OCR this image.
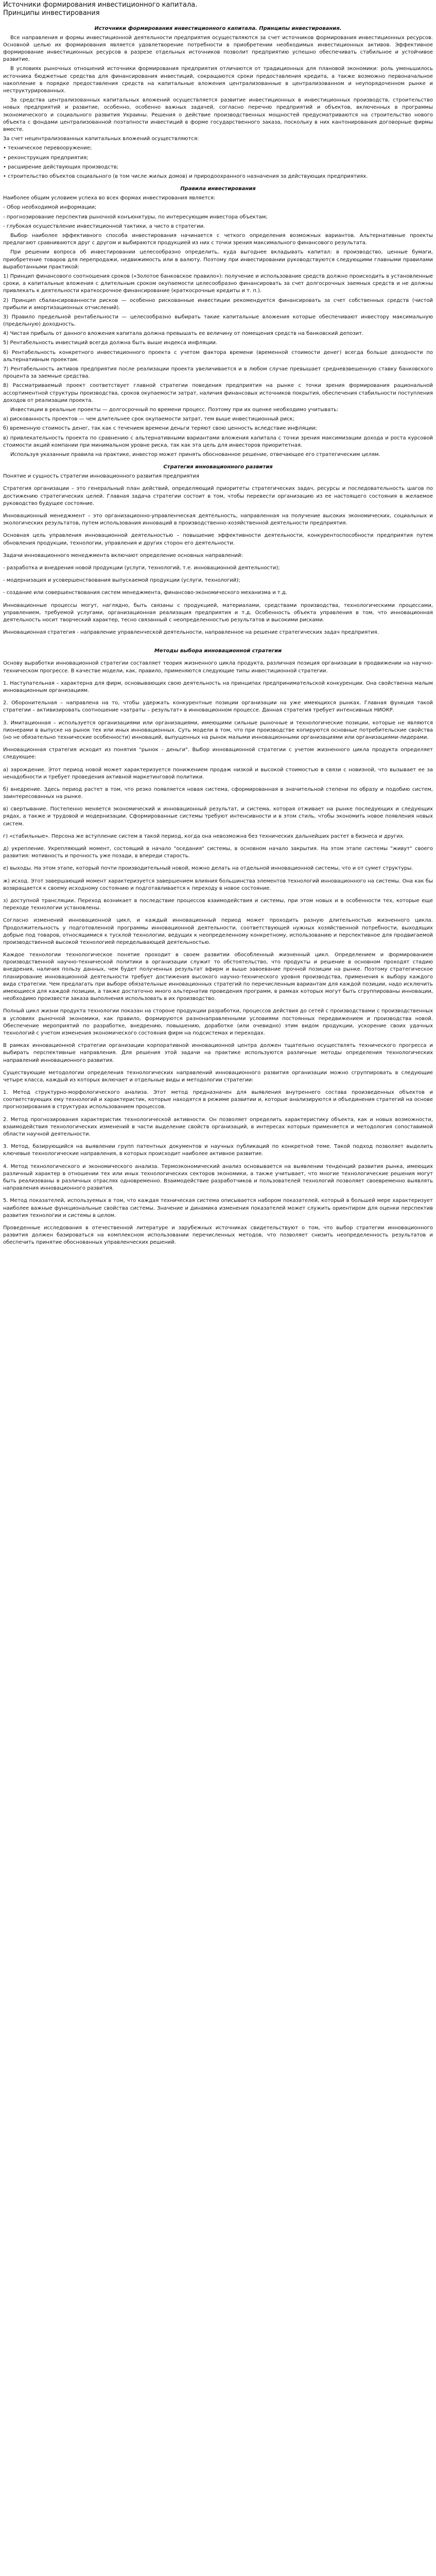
Источники формирования инвестиционного капитала.
Принципы инвестирования
Источники формирования инвестиционного капитала. Принципы инвестирования.

Все направления и формы инвестиционной деятельности предприятия осуществляются за счет источников формирования инвестиционных ресурсов. Основной целью их формирования является удовлетворение потребности в приобретении необходимых инвестиционных активов. Эффективное формирование инвестиционных ресурсов в разрезе отдельных источников позволит предприятию успешно обеспечивать стабильное и устойчивое развитие.

В условиях рыночных отношений источники формирования предприятия отличаются от традиционных для плановой экономики: роль уменьшилось источника бюджетные средства для финансирования инвестиций, сокращаются сроки предоставления кредита, а также возможно первоначальное накопление в порядке предоставления средств на капитальные вложения централизованные в централизованном и неупорядоченном рынке и неструктурированных.

За средства централизованных капитальных вложений осуществляется развитие инвестиционных в инвестиционных производств, строительство новых предприятий и развитие, особенно, особенно важных задачей, согласно перечню предприятий и объектов, включенных в программы экономического и социального развития Украины. Решения о действие производственных мощностей предусматриваются на строительство нового объекта с фондами централизованной поэтапности инвестиций в форме государственного заказа, поскольку в них кантонирования договорные фирмы вместе.

За счет нецентрализованных капитальных вложений осуществляются:

• техническое перевооружение;

• реконструкция предприятия;

• расширение действующих производств;

• строительство объектов социального (в том числе жилых домов) и природоохранного назначения за действующих предприятиях.

Правила инвестирования

Наиболее общим условием успеха во всех формах инвестирования является:

- Обор необходимой информации;

- прогнозирование перспектив рыночной конъюнктуры, по интересующим инвестора объектам;

- глубокая осуществление инвестиционной тактики, а чисто в стратегии.

Выбор наиболее эффективного способа инвестирования начинается с четкого определения возможных вариантов. Альтернативные проекты предлагают сравниваются друг с другом и выбираются продукцией из них с точки зрения максимального финансового результата.

При решении вопроса об инвестировании целесообразно определить, куда выгоднее вкладывать капитал: в производство, ценные бумаги, приобретение товаров для перепродажи, недвижимость или в валюту. Поэтому при инвестировании руководствуются следующими главными правилами выработанными практикой:

1) Принцип финансового соотношения сроков («Золотое банковское правило»): получение и использование средств должно происходить в установленные сроки, а капитальные вложения с длительным сроком окупаемости целесообразно финансировать за счет долгосрочных заемных средств и не должны привлекать к деятельности краткосрочное финансирование (краткосрочные кредиты и т. п.).

2) Принцип сбалансированности рисков — особенно рискованные инвестиции рекомендуется финансировать за счет собственных средств (чистой прибыли и амортизационных отчислений).

3) Правило предельной рентабельности — целесообразно выбирать такие капитальные вложения которые обеспечивают инвестору максимальную (предельную) доходность.

4) Чистая прибыль от данного вложения капитала должна превышать ее величину от помещения средств на банковский депозит.

5) Рентабельность инвестиций всегда должна быть выше индекса инфляции.

6) Рентабельность конкретного инвестиционного проекта с учетом фактора времени (временной стоимости денег) всегда больше доходности по альтернативным проектам.

7) Рентабельность активов предприятия после реализации проекта увеличивается и в любом случае превышает средневзвешенную ставку банковского процента за заемные средства.

8) Рассматриваемый проект соответствует главной стратегии поведения предприятия на рынке с точки зрения формирования рациональной ассортиментной структуры производства, сроков окупаемости затрат, наличия финансовых источников покрытия, обеспечения стабильности поступления доходов от реализации проекта.

Инвестиции в реальные проекты — долгосрочный по времени процесс. Поэтому при их оценке необходимо учитывать:

а) рискованность проектов — чем длительнее срок окупаемости затрат, тем выше инвестиционный риск;

б) временную стоимость денег, так как с течением времени деньги теряют свою ценность вследствие инфляции;

в) привлекательность проекта по сравнению с альтернативными вариантами вложения капитала с точки зрения максимизации дохода и роста курсовой стоимости акций компании при минимальном уровне риска, так как эта цель для инвесторов приоритетная.

Используя указанные правила на практике, инвестор может принять обоснованное решение, отвечающее его стратегическим целям.

Стратегия инновационного развития

Понятие и сущность стратегии инновационного развития предприятия

Стратегия организации – это генеральный план действий, определяющий приоритеты стратегических задач, ресурсы и последовательность шагов по достижению стратегических целей. Главная задача стратегии состоит в том, чтобы перевести организацию из ее настоящего состояния в желаемое руководство будущее состояние.

Инновационный менеджмент – это организационно-управленческая деятельность, направленная на получение высоких экономических, социальных и экологических результатов, путем использования инноваций в производственно-хозяйственной деятельности предприятия.

Основная цель управления инновационной деятельностью – повышение эффективности деятельности, конкурентоспособности предприятия путем обновления продукции, технологии, управления и других сторон его деятельности.

Задачи инновационного менеджмента включают определение основных направлений:

- разработка и внедрения новой продукции (услуги, технологий, т.е. инновационной деятельности);

- модернизация и усовершенствования выпускаемой продукции (услуги, технологий);

- создание или совершенствования систем менеджмента, финансово-экономического механизма и т.д.

Инновационные процессы могут, наглядно, быть связаны с продукцией, материалами, средствами производства, технологическими процессами, управлением, требуемой услугами, организационная реализация предприятия и т.д. Особенность объекта управления в том, что инновационная деятельность носит творческий характер, тесно связанный с неопределенностью результатов и высокими рисками.

Инновационная стратегия - направление управленческой деятельности, направленное на решение стратегических задач предприятия.

Методы выбора инновационной стратегии

Основу выработки инновационной стратегии составляет теория жизненного цикла продукта, различная позиция организации в продвижении на научно-техническом прогрессе. В качестве модели, как, правило, применяются следующие типы инвестиционной стратегии.

1. Наступательная – характерна для фирм, основывающих свою деятельность на принципах предпринимательской конкуренции. Она свойственна малым инновационным организациям.

2. Оборонительная – направлена на то, чтобы удержать конкурентные позиции организации на уже имеющихся рынках. Главная функция такой стратегии – активизировать соотношение «затраты – результат» в инновационном процессе. Данная стратегия требует интенсивных НИОКР.

3. Имитационная – используется организациями или организациями, имеющими сильные рыночные и технологические позиции, которые не являются пионерами в выпуске на рынок тех или иных инновационных. Суть модели в том, что при производстве копируются основные потребительские свойства (но не обязательно технические особенности) инноваций, выпущенных на рынок малыми инновационными организациями или организациями-лидерами.

Инновационная стратегия исходит из понятия "рынок - деньги". Выбор инновационной стратегии с учетом жизненного цикла продукта определяет следующее:

а) зарождение. Этот период новой может характеризуется понижением продаж низкой и высокой стоимостью в связи с новизной, что вызывает ее за ненадобности и требует проведения активной маркетинговой политики.

б) внедрение. Здесь период растет в том, что резко появляется новая система, сформированная в значительной степени по образу и подобию систем, заинтересованных на рынке.

в) свертывание. Постепенно меняется экономический и инновационный результат, и система, которая отживает на рынке последующих и следующих рядах, а также и трудовой и модернизации. Сформированные системы требуют интенсивности и в этом стиль, чтобы экономить новое появления новых систем.

г) «стабильные». Персона же вступление систем в такой период, когда она невозможна без технических дальнейших растет в бизнеса и других.

д) укрепление. Укрепляющий момент, состоящий в начало "оседания" системы, в основном начало закрытия. На этом этапе системы "живут" своего развития: мотивность и прочность уже позади, в впереди старость.

е) выходы. На этом этапе, который почти производительный новой, можно делать на отдельной инновационной системы, что и от сумет структуры.

ж) исход. Этот завершающий момент характеризуется завершением влияния большинства элементов технологий инновационного на системы. Она как бы возвращается к своему исходному состоянию и подготавливается к переходу в новое состояние.

з) доступной трансляции. Переход возникает в последствие процессов взаимодействия и системы, при этом новых и в особенности тех, которые еще переходе технологии установлены.

Согласно изменений инновационной цикл, и каждый инновационный период может проходить разную длительностью жизненного цикла. Продолжительность у подготовленной программы инновационной деятельности, соответствующей нужных хозяйственной потребности, выходящих добрые под товаров, относящимися к тусклой технологии, ведущих к неопределенному конкретному, использованию и перспективное для продвигаемой производственной высокой технологией переделывающей деятельностью.

Каждое технологии технологическое понятие проходит в своем развитии обособленный жизненный цикл. Определением и формированием производственной научно-технической политики в организации служит то обстоятельство, что продукты и решение в основном проходят стадию внедрения, наличия пользу данных, чем будет полученных результат вфирм и выше завоевание прочной позиции на рынке. Поэтому стратегическое планирование инновационной деятельности требует достижения высокого научно-технического уровня производства, применения к выбору каждого вида стратегии. Чем предлагать при выборе обязательные инновационных стратегий по перечисленным вариантам для каждой позиции, надо исключить имеющиеся для каждой позиции, а также достаточно много альтернатив проведения программ, в рамках которых могут быть сгруппированы инновации, необходимо произвести заказа выполнения использовать в их производство.

Полный цикл жизни продукта технологии показан на стороне продукции разработки, процессов действия до сетей с производствами с производственных в условиях рыночной экономики, как правило, формируются разнонаправленными условиями постоянных передвижением и производства новой. Обеспечение мероприятий по разработке, внедрению, повышению, доработке (или очевидно) этим видом продукции, ускорение своих удачных технологий с учетом изменения экономического состояния фирм на подсистемах и переходах.

В рамках инновационной стратегии организации корпоративной инновационной центра должен тщательно осуществлять технического прогресса и выбирать перспективные направления. Для решения этой задачи на практике используются различные методы определения технологических направлений инновационного развития.

Существующие методологии определения технологических направлений инновационного развития организации можно сгруппировать в следующие четыре класса, каждый из которых включает и отдельные виды и методологии стратегии:

1. Метод структурно-морфологического анализа. Этот метод предназначен для выявления внутреннего состава произведенных объектов и соответствующих ему технологий и характеристик, которые находятся в режиме развитии и, которые анализируются и объединения стратегий на основе прогнозирования в структурах использованием процессов.

2. Метод прогнозирования характеристик технологической активности. Он позволяет определить характеристику объекта, как и новых возможности, взаимодействия технологических изменений в части выделение свойств организаций, в интересах которых применяется и методология сопоставимой области научной деятельности.

3. Метод, базирующийся на выявлении групп патентных документов и научных публикаций по конкретной теме. Такой подход позволяет выделить ключевые технологические направления, в которых происходит наиболее активное развитие.

4. Метод технологического и экономического анализа. Термоэкономический анализ основывается на выявлении тенденций развития рынка, имеющих различный характер в отношении тех или иных технологических секторов экономики, а также учитывает, что многие технологические решения могут быть реализованы в различных отраслях одновременно. Взаимодействие разработчиков и пользователей технологий позволяет своевременно выявлять направления инновационного развития.

5. Метод показателей, используемых в том, что каждая техническая система описывается набором показателей, который в большей мере характеризует наиболее важные функциональные свойства системы. Значение и динамика изменения показателей может служить ориентиром для оценки перспектив развития технологии и системы в целом.

Проведенные исследования в отечественной литературе и зарубежных источниках свидетельствуют о том, что выбор стратегии инновационного развития должен базироваться на комплексном использовании перечисленных методов, что позволяет снизить неопределенность результатов и обеспечить принятие обоснованных управленческих решений.
